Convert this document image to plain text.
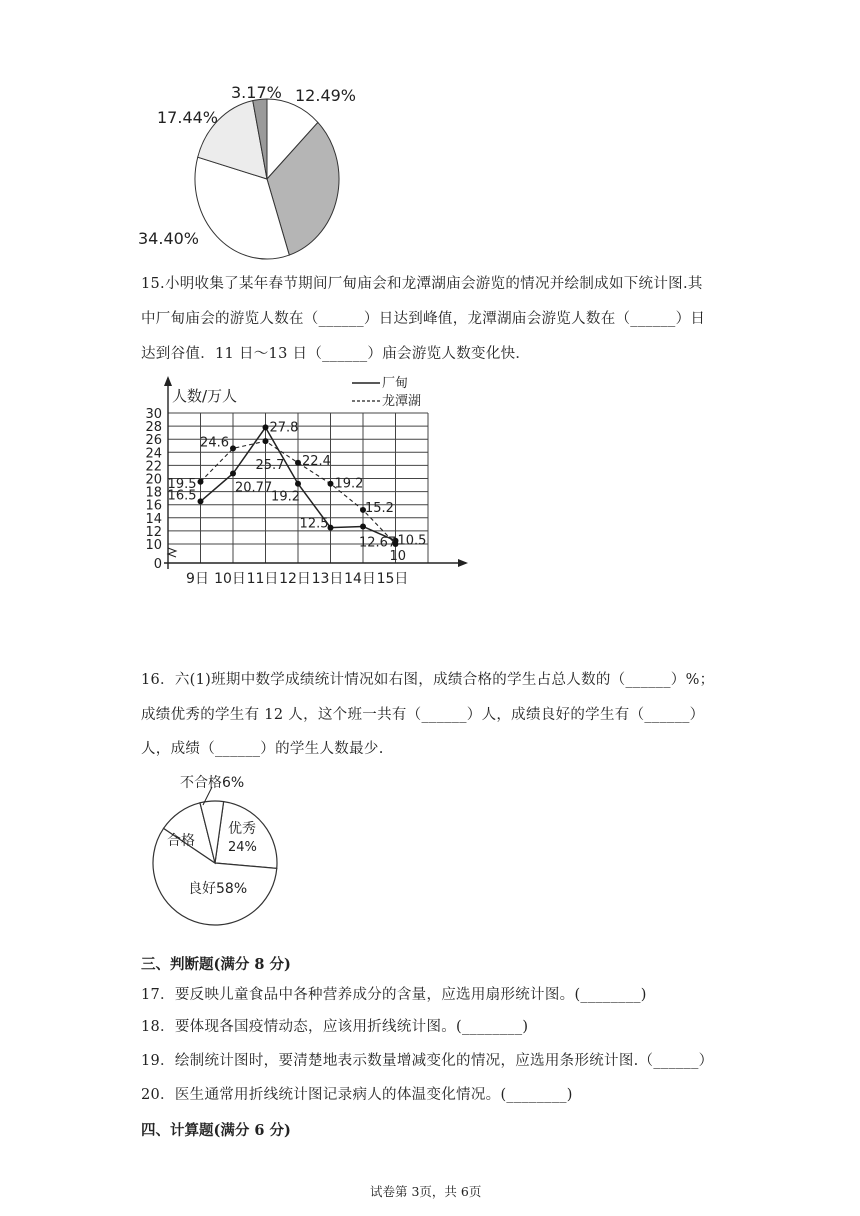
12.49%
34.40%
17.44%
3.17%
15.小明收集了某年春节期间厂甸庙会和龙潭湖庙会游览的情况并绘制成如下统计图.其
中厂甸庙会的游览人数在（______）日达到峰值，龙潭湖庙会游览人数在（______）日
达到谷值．11 日～13 日（______）庙会游览人数变化快．
0
10
12
14
16
18
20
22
24
26
28
30
9日 10日 11日 12日 13日 14日 15日
16.5
20.77
27.8
19.2
12.5
12.67 10.5
19.5
24.6
25.7 22.4
19.2
15.2
10
人数/万人
厂甸
龙潭湖
16．六(1)班期中数学成绩统计情况如右图，成绩合格的学生占总人数的（______）%；
成绩优秀的学生有 12 人，这个班一共有（______）人，成绩良好的学生有（______）
人，成绩（______）的学生人数最少.
不合格6%
优秀
24%
合格
良好58%
三、判断题(满分 8 分)
17．要反映儿童食品中各种营养成分的含量，应选用扇形统计图。(________)
18．要体现各国疫情动态，应该用折线统计图。(________)
19．绘制统计图时，要清楚地表示数量增减变化的情况，应选用条形统计图.（______）
20．医生通常用折线统计图记录病人的体温变化情况。(________)
四、计算题(满分 6 分)
试卷第 3页，共 6页
